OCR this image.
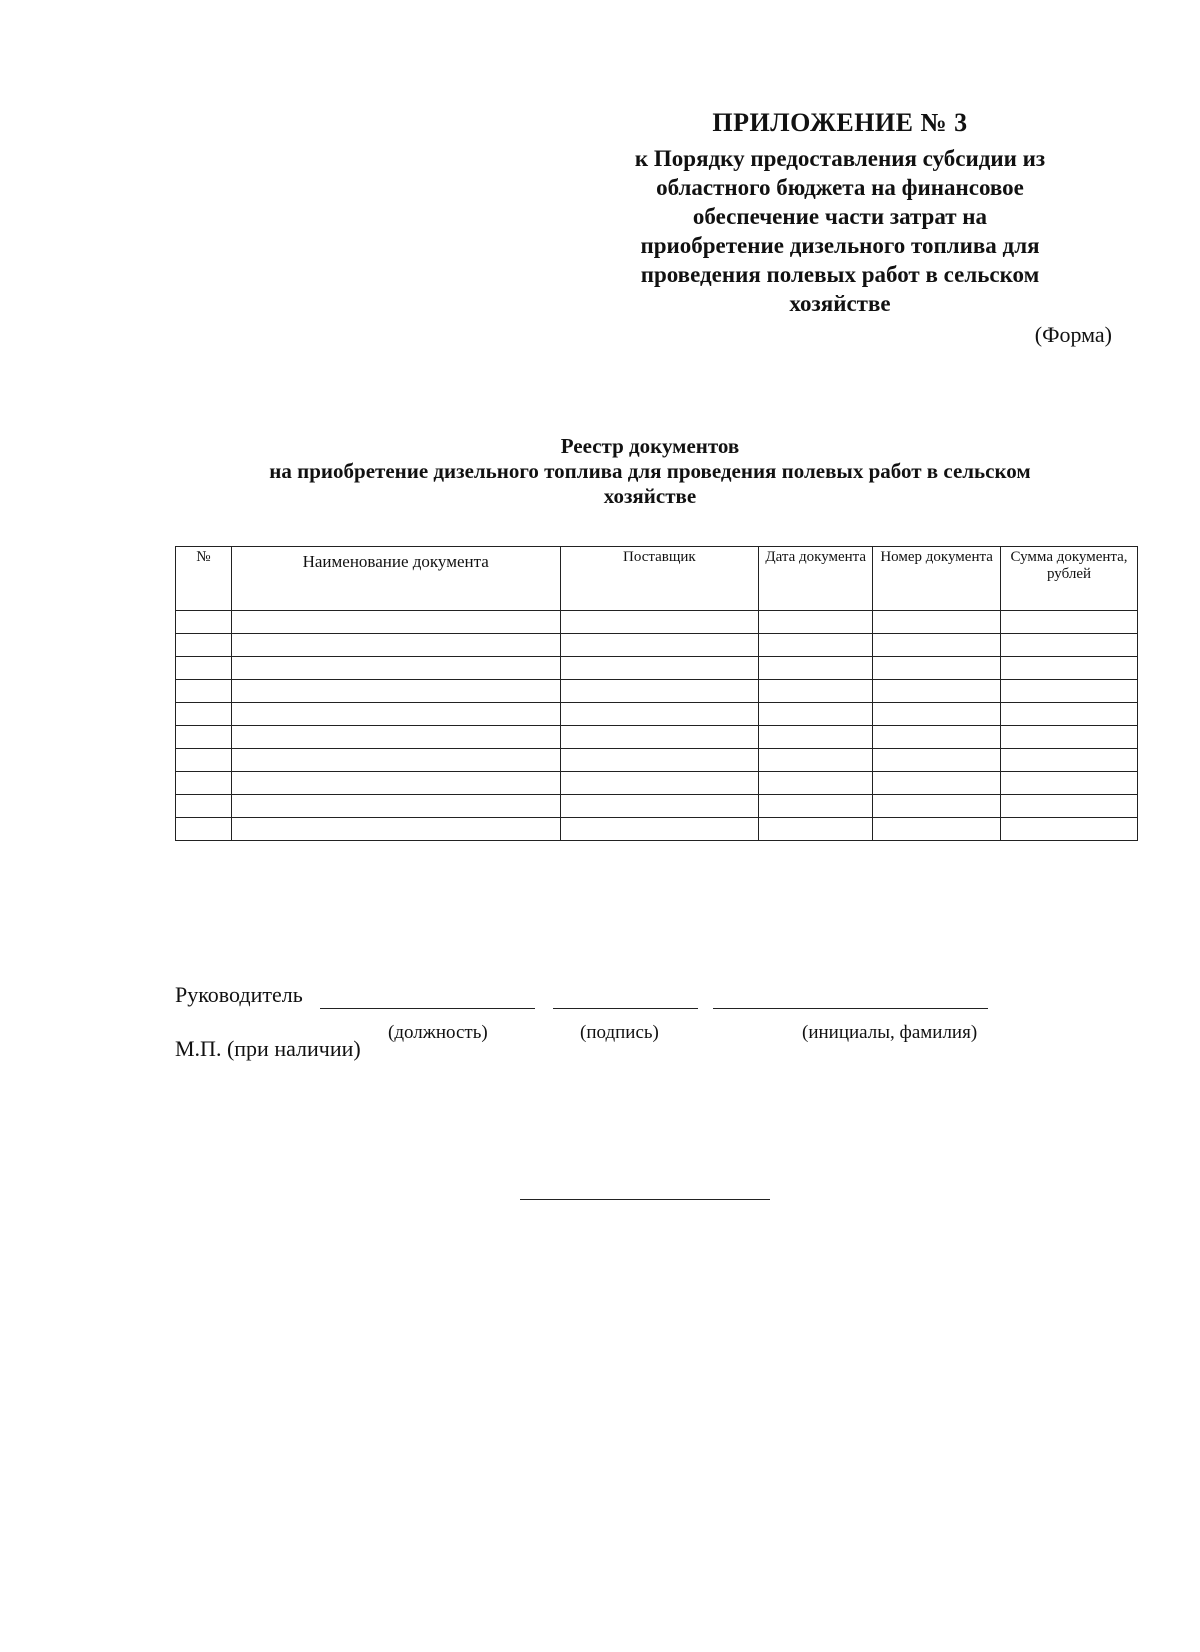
ПРИЛОЖЕНИЕ № 3
к Порядку предоставления субсидии из
областного бюджета на финансовое
обеспечение части затрат на
приобретение дизельного топлива для
проведения полевых работ в сельском
хозяйстве
(Форма)
Реестр документов
на приобретение дизельного топлива для проведения полевых работ в сельском
хозяйстве
№	Наименование документа	Поставщик	Дата документа	Номер документа	Сумма документа, рублей

Руководитель
(должность)	(подпись)	(инициалы, фамилия)
М.П. (при наличии)
